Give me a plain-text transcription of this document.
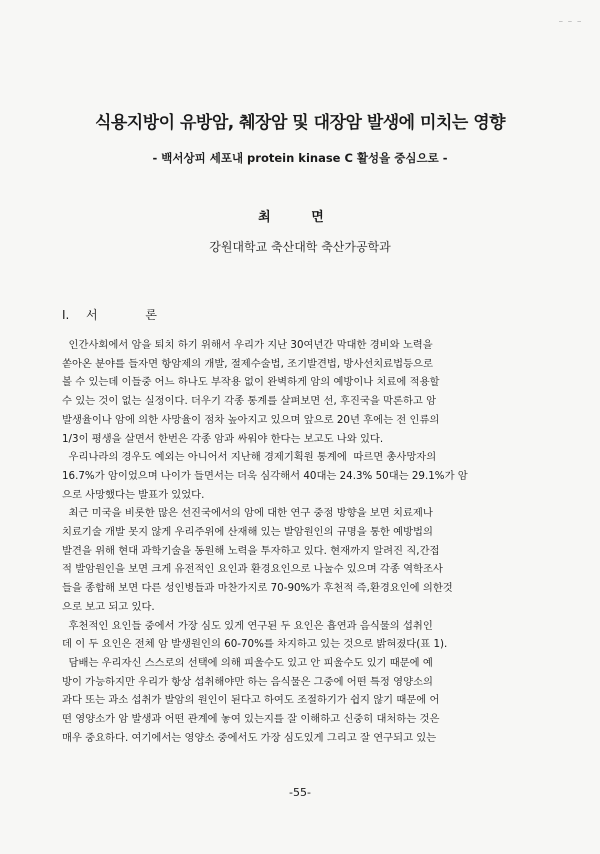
— — —
식용지방이 유방암, 췌장암 및 대장암 발생에 미치는 영향
- 백서상피 세포내 protein kinase C 활성을 중심으로 -
최 면
강원대학교 축산대학 축산가공학과
Ⅰ. 서 론
인간사회에서 암을 퇴치 하기 위해서 우리가 지난 30여년간 막대한 경비와 노력을
쏟아온 분야를 들자면 항암제의 개발, 절제수술법, 조기발견법, 방사선치료법등으로
볼 수 있는데 이들중 어느 하나도 부작용 없이 완벽하게 암의 예방이나 치료에 적용할
수 있는 것이 없는 실정이다. 더우기 각종 통계를 살펴보면 선, 후진국을 막론하고 암
발생율이나 암에 의한 사망율이 점차 높아지고 있으며 앞으로 20년 후에는 전 인류의
1/3이 평생을 살면서 한번은 각종 암과 싸워야 한다는 보고도 나와 있다.
우리나라의 경우도 예외는 아니어서 지난해 경제기획원 통계에  따르면 총사망자의
16.7%가 암이었으며 나이가 들면서는 더욱 심각해서 40대는 24.3% 50대는 29.1%가 암
으로 사망했다는 발표가 있었다.
최근 미국을 비롯한 많은 선진국에서의 암에 대한 연구 중점 방향을 보면 치료제나
치료기술 개발 못지 않게 우리주위에 산재해 있는 발암원인의 규명을 통한 예방법의
발견을 위해 현대 과학기술을 동원해 노력을 투자하고 있다. 현재까지 알려진 직,간접
적 발암원인을 보면 크게 유전적인 요인과 환경요인으로 나눌수 있으며 각종 역학조사
들을 종합해 보면 다른 성인병들과 마찬가지로 70-90%가 후천적 즉,환경요인에 의한것
으로 보고 되고 있다.
후천적인 요인들 중에서 가장 심도 있게 연구된 두 요인은 흡연과 음식물의 섭취인
데 이 두 요인은 전체 암 발생원인의 60-70%를 차지하고 있는 것으로 밝혀졌다(표 1).
담배는 우리자신 스스로의 선택에 의해 피울수도 있고 안 피울수도 있기 때문에 예
방이 가능하지만 우리가 항상 섭취해야만 하는 음식물은 그중에 어떤 특정 영양소의
과다 또는 과소 섭취가 발암의 원인이 된다고 하여도 조절하기가 쉽지 않기 때문에 어
떤 영양소가 암 발생과 어떤 관계에 놓여 있는지를 잘 이해하고 신중히 대처하는 것은
매우 중요하다. 여기에서는 영양소 중에서도 가장 심도있게 그리고 잘 연구되고 있는
-55-
